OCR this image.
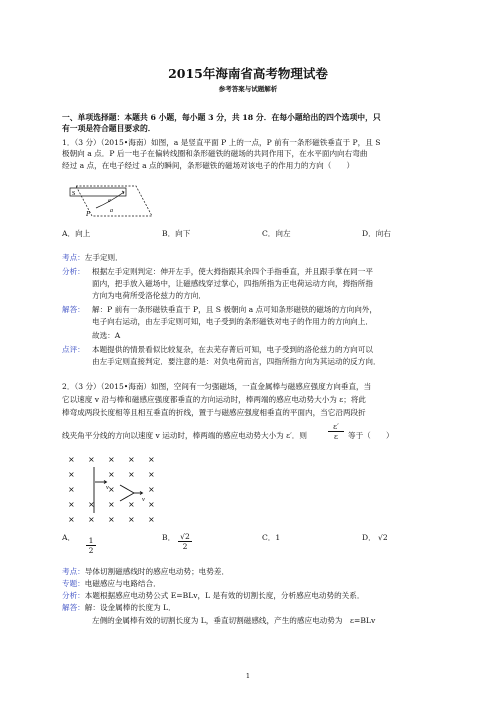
2015年海南省高考物理试卷
参考答案与试题解析
一、单项选择题：本题共 6 小题，每小题 3 分，共 18 分．在每小题给出的四个选项中，只
有一项是符合题目要求的．
1．（3 分）（2015•海南）如图，a 是竖直平面 P 上的一点，P 前有一条形磁铁垂直于 P，且 S
极朝向 a 点．P 后一电子在偏转线圈和条形磁铁的磁场的共同作用下，在水平面内向右弯曲
经过 a 点，在电子经过 a 点的瞬间，条形磁铁的磁场对该电子的作用力的方向（　　）
S
e
P	a
A．向上	B．向下	C．向左	D．向右
考点：左手定则．
分析： 根据左手定则判定：伸开左手，使大拇指跟其余四个手指垂直，并且跟手掌在同一平
面内，把手放入磁场中，让磁感线穿过掌心，四指所指为正电荷运动方向，拇指所指
方向为电荷所受洛伦兹力的方向．
解答： 解：P 前有一条形磁铁垂直于 P，且 S 极朝向 a 点可知条形磁铁的磁场的方向向外，
电子向右运动，由左手定则可知，电子受到的条形磁铁对电子的作用力的方向向上．
故选：A
点评： 本题提供的情景看似比较复杂，在去芜存菁后可知，电子受到的洛伦兹力的方向可以
由左手定则直接判定．要注意的是：对负电荷而言，四指所指方向为其运动的反方向．
2．（3 分）（2015•海南）如图，空间有一匀强磁场，一直金属棒与磁感应强度方向垂直，当
它以速度 v 沿与棒和磁感应强度都垂直的方向运动时，棒两端的感应电动势大小为 ε；将此
棒弯成两段长度相等且相互垂直的折线，置于与磁感应强度相垂直的平面内，当它沿两段折
线夹角平分线的方向以速度 v 运动时，棒两端的感应电动势大小为 ε′．则	$\frac{\varepsilon'}{\varepsilon}$ 等于（　　）
× × × × ×
×	× × ×
×	×	×
× × × × ×
× × × × ×
v
v
A． $\frac{1}{2}$	B． $\frac{√2}{2}$	C．1	D． √2
考点：导体切割磁感线时的感应电动势；电势差．
专题：电磁感应与电路结合．
分析：本题根据感应电动势公式 E=BLv，L 是有效的切割长度，分析感应电动势的关系．
解答：解：设金属棒的长度为 L．
左侧的金属棒有效的切割长度为 L，垂直切割磁感线，产生的感应电动势为　ε=BLv
1
